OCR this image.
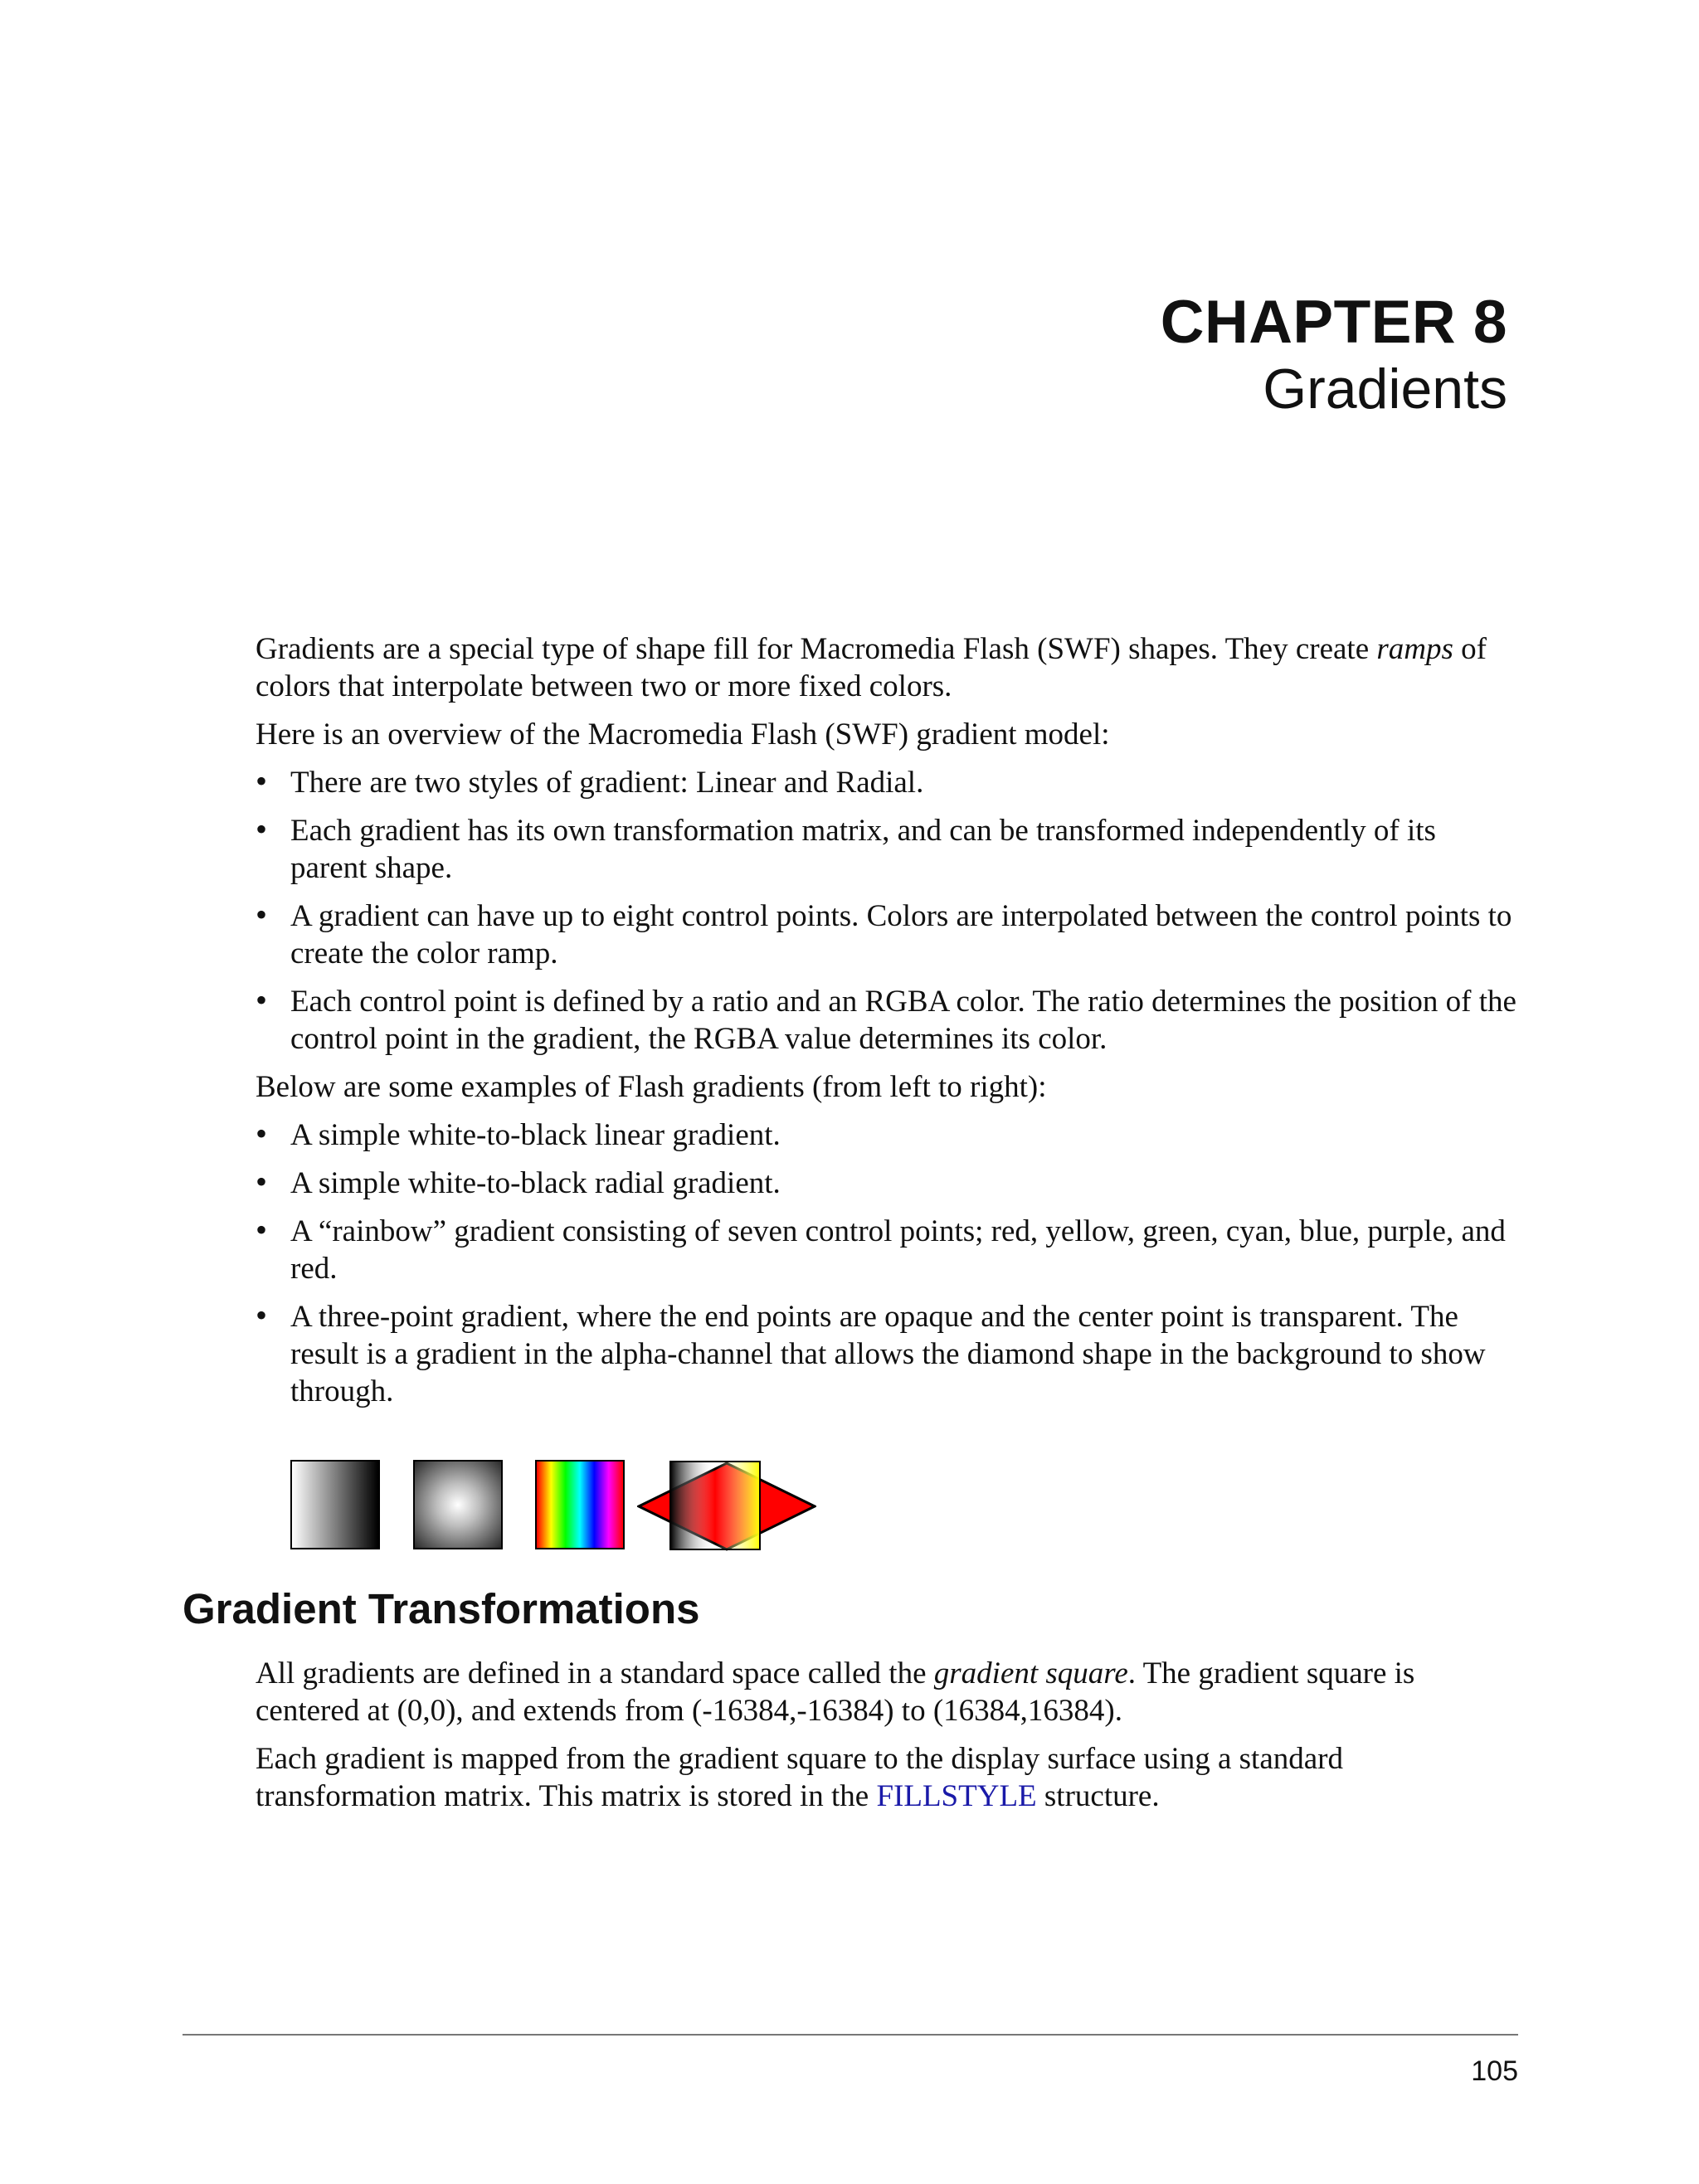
CHAPTER 8
Gradients

Gradients are a special type of shape fill for Macromedia Flash (SWF) shapes. They create ramps of colors that interpolate between two or more fixed colors.

Here is an overview of the Macromedia Flash (SWF) gradient model:

• There are two styles of gradient: Linear and Radial.
• Each gradient has its own transformation matrix, and can be transformed independently of its parent shape.
• A gradient can have up to eight control points. Colors are interpolated between the control points to create the color ramp.
• Each control point is defined by a ratio and an RGBA color. The ratio determines the position of the control point in the gradient, the RGBA value determines its color.

Below are some examples of Flash gradients (from left to right):

• A simple white-to-black linear gradient.
• A simple white-to-black radial gradient.
• A “rainbow” gradient consisting of seven control points; red, yellow, green, cyan, blue, purple, and red.
• A three-point gradient, where the end points are opaque and the center point is transparent. The result is a gradient in the alpha-channel that allows the diamond shape in the background to show through.
Gradient Transformations

All gradients are defined in a standard space called the gradient square. The gradient square is centered at (0,0), and extends from (-16384,-16384) to (16384,16384).

Each gradient is mapped from the gradient square to the display surface using a standard transformation matrix. This matrix is stored in the FILLSTYLE structure.

105
